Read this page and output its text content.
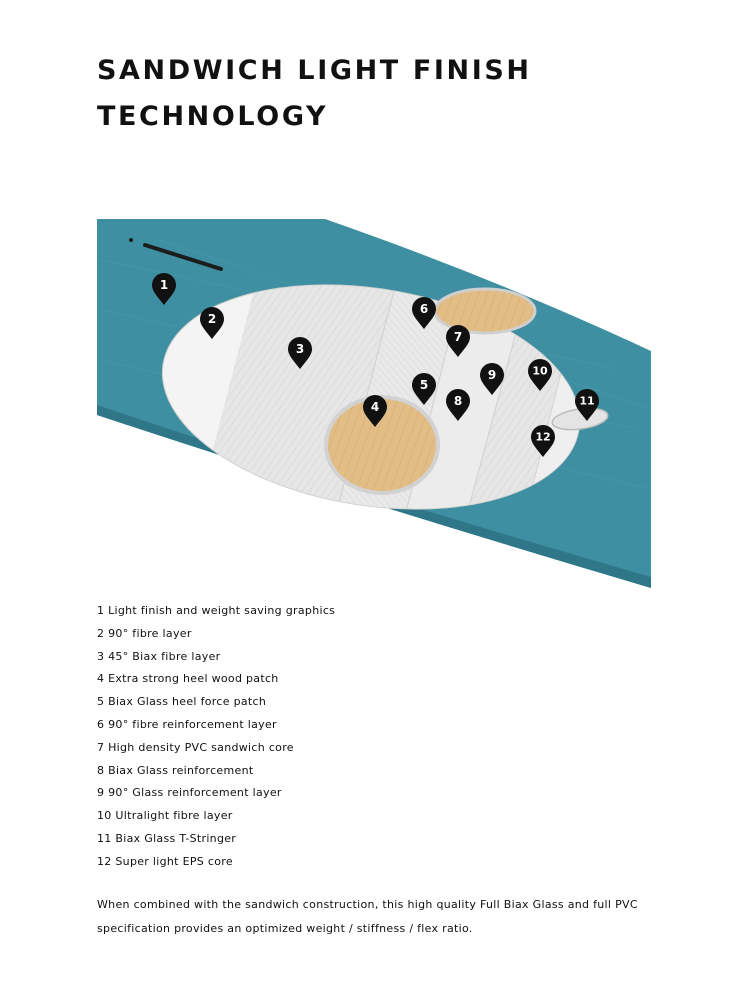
SANDWICH LIGHT FINISH
TECHNOLOGY
1
2
3
4
5
6
7
8
9	10
11
12
1 Light finish and weight saving graphics
2 90° fibre layer
3 45° Biax fibre layer
4 Extra strong heel wood patch
5 Biax Glass heel force patch
6 90° fibre reinforcement layer
7 High density PVC sandwich core
8 Biax Glass reinforcement
9 90° Glass reinforcement layer
10 Ultralight fibre layer
11 Biax Glass T-Stringer
12 Super light EPS core

When combined with the sandwich construction, this high quality Full Biax Glass and full PVC specification provides an optimized weight / stiffness / flex ratio.
